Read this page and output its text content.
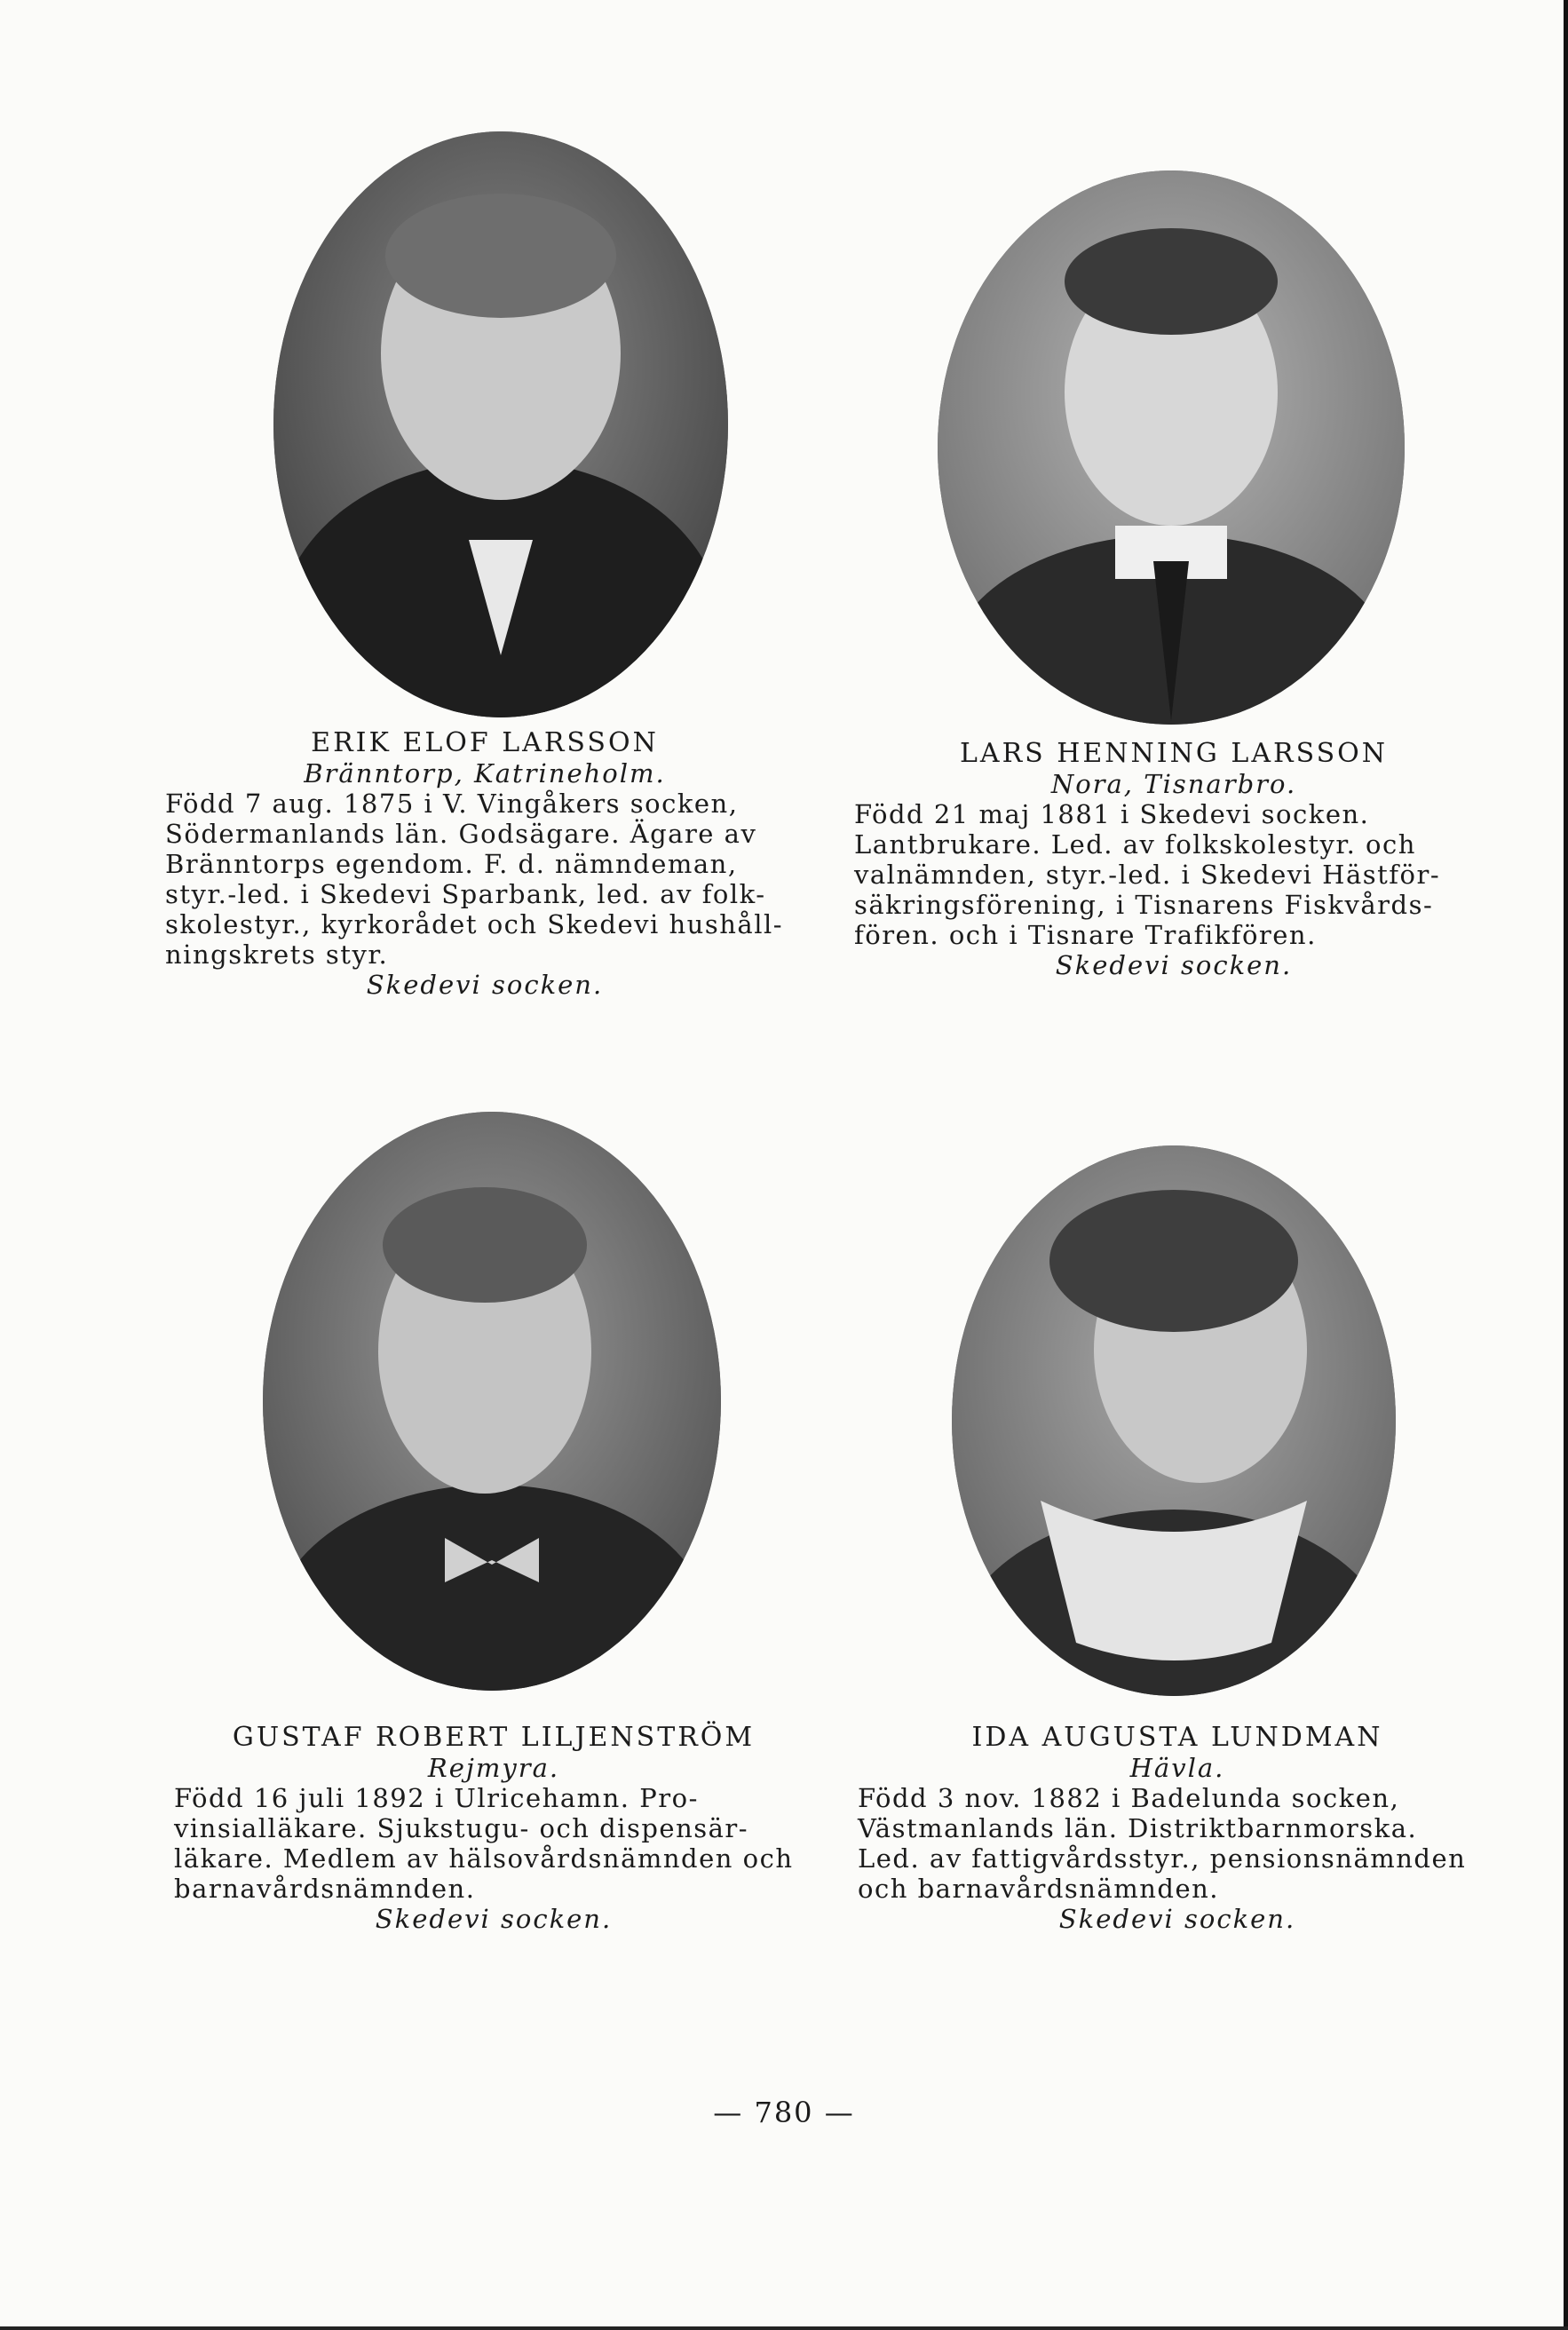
ERIK ELOF LARSSON
Bränntorp, Katrineholm.
Född 7 aug. 1875 i V. Vingåkers socken,
Södermanlands län. Godsägare. Ägare av
Bränntorps egendom. F. d. nämndeman,
styr.-led. i Skedevi Sparbank, led. av folk-
skolestyr., kyrkorådet och Skedevi hushåll-
ningskrets styr.
Skedevi socken.
LARS HENNING LARSSON
Nora, Tisnarbro.
Född 21 maj 1881 i Skedevi socken.
Lantbrukare. Led. av folkskolestyr. och
valnämnden, styr.-led. i Skedevi Hästför-
säkringsförening, i Tisnarens Fiskvårds-
fören. och i Tisnare Trafikfören.
Skedevi socken.
GUSTAF ROBERT LILJENSTRÖM
Rejmyra.
Född 16 juli 1892 i Ulricehamn. Pro-
vinsialläkare. Sjukstugu- och dispensär-
läkare. Medlem av hälsovårdsnämnden och
barnavårdsnämnden.
Skedevi socken.
IDA AUGUSTA LUNDMAN
Hävla.
Född 3 nov. 1882 i Badelunda socken,
Västmanlands län. Distriktbarnmorska.
Led. av fattigvårdsstyr., pensionsnämnden
och barnavårdsnämnden.
Skedevi socken.
— 780 —
